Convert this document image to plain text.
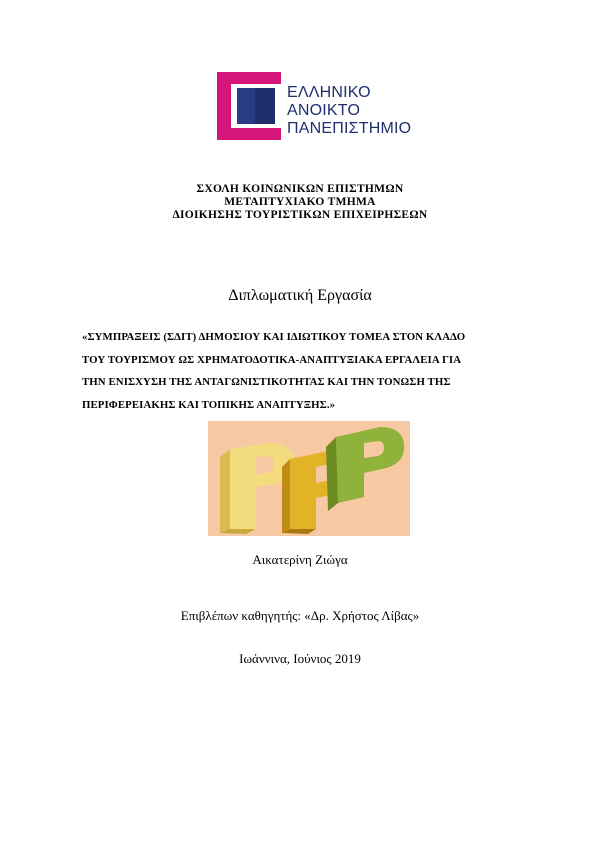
ΕΛΛΗΝΙΚΟ
ΑΝΟΙΚΤΟ
ΠΑΝΕΠΙΣΤΗΜΙΟ
ΣΧΟΛΗ ΚΟΙΝΩΝΙΚΩΝ ΕΠΙΣΤΗΜΩΝ
ΜΕΤΑΠΤΥΧΙΑΚΟ ΤΜΗΜΑ
ΔΙΟΙΚΗΣΗΣ ΤΟΥΡΙΣΤΙΚΩΝ ΕΠΙΧΕΙΡΗΣΕΩΝ
Διπλωματική Εργασία
«ΣΥΜΠΡΑΞΕΙΣ (ΣΔΙΤ) ΔΗΜΟΣΙΟΥ ΚΑΙ ΙΔΙΩΤΙΚΟΥ ΤΟΜΕΑ ΣΤΟΝ ΚΛΑΔΟ
ΤΟΥ ΤΟΥΡΙΣΜΟΥ ΩΣ ΧΡΗΜΑΤΟΔΟΤΙΚΑ-ΑΝΑΠΤΥΞΙΑΚΑ ΕΡΓΑΛΕΙΑ ΓΙΑ
ΤΗΝ ΕΝΙΣΧΥΣΗ ΤΗΣ ΑΝΤΑΓΩΝΙΣΤΙΚΟΤΗΤΑΣ ΚΑΙ ΤΗΝ ΤΟΝΩΣΗ ΤΗΣ
ΠΕΡΙΦΕΡΕΙΑΚΗΣ ΚΑΙ ΤΟΠΙΚΗΣ ΑΝΑΠΤΥΞΗΣ.»
Αικατερίνη Ζιώγα
Επιβλέπων καθηγητής: «Δρ. Χρήστος Λίβας»
Ιωάννινα, Ιούνιος 2019
